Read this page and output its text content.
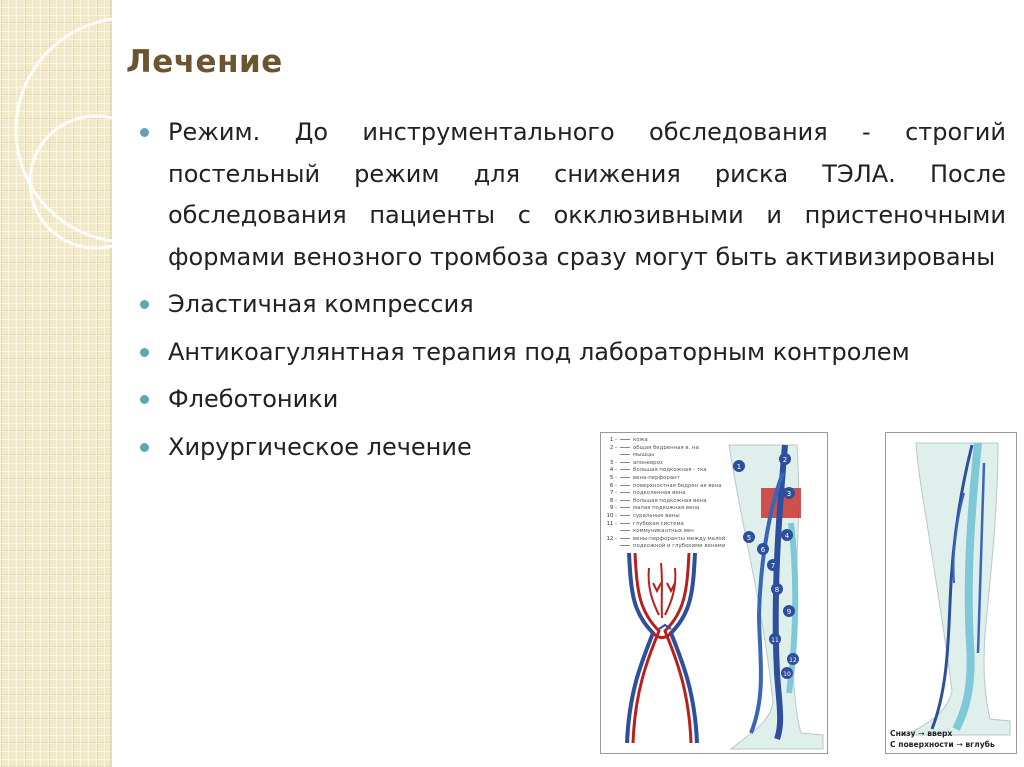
Лечение
Режим. До инструментального обследования - строгий постельный режим для снижения риска ТЭЛА. После обследования пациенты с окклюзивными и пристеночными формами венозного тромбоза сразу могут быть активизированы
Эластичная компрессия
Антикоагулянтная терапия под лабораторным контролем
Флеботоники
Хирургическое лечение	1 -	кожа
2 -	общая бедренная в. на
мышцы
3 -	апоневроз
4 -	большая подкожная - тка
5 -	вена-перфорант
6 -	поверхностная бедрен ая вена
7 -	подколенная вена
8 -	большая подкожная вена
9 -	малая подкожная вена
10 -	суральные вены
11 -	глубокая система
коммуникантных вен
12 -	вены-перфоранты между малой
подкожной и глубокими венами
1
2
3
4
5
6
7
8
9
10
11
12
Снизу → вверх
С поверхности → вглубь
